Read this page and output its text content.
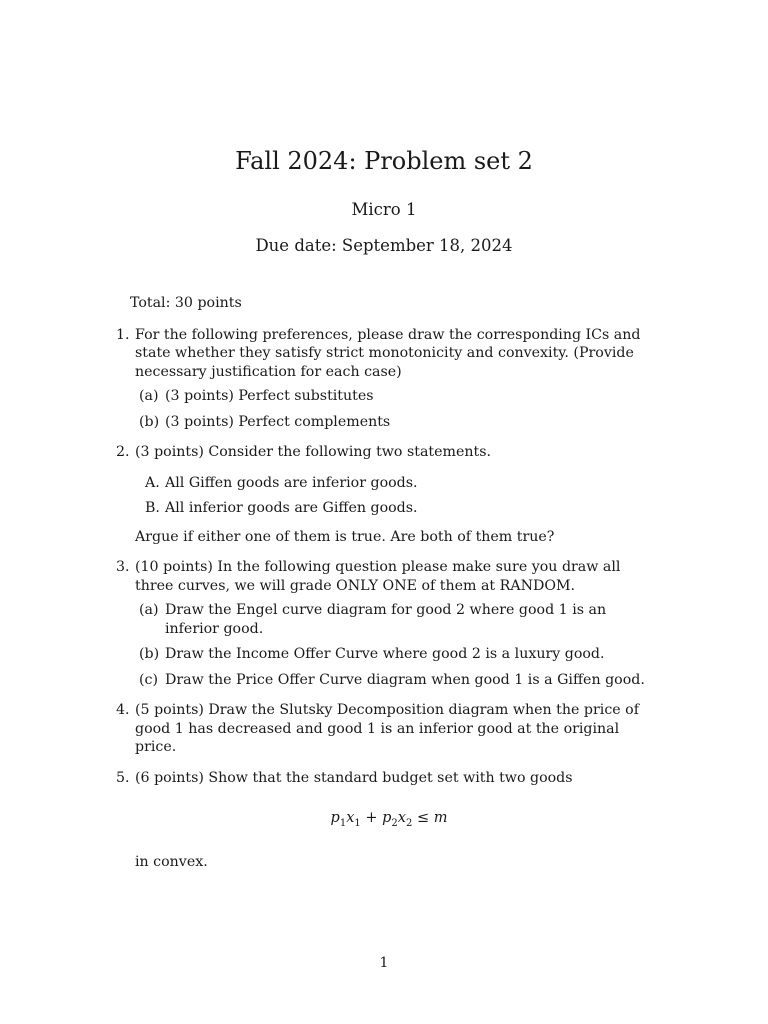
Fall 2024: Problem set 2
Micro 1
Due date: September 18, 2024
Total: 30 points
1. For the following preferences, please draw the corresponding ICs and state whether they satisfy strict monotonicity and convexity. (Provide necessary justification for each case)

(a) (3 points) Perfect substitutes
(b) (3 points) Perfect complements
2. (3 points) Consider the following two statements.

A. All Giffen goods are inferior goods.
B. All inferior goods are Giffen goods.

Argue if either one of them is true. Are both of them true?

3. (10 points) In the following question please make sure you draw all three curves, we will grade ONLY ONE of them at RANDOM.

(a) Draw the Engel curve diagram for good 2 where good 1 is an inferior good.
(b) Draw the Income Offer Curve where good 2 is a luxury good.
(c) Draw the Price Offer Curve diagram when good 1 is a Giffen good.
4. (5 points) Draw the Slutsky Decomposition diagram when the price of good 1 has decreased and good 1 is an inferior good at the original price.

5. (6 points) Show that the standard budget set with two goods

$p_1x_1 + p_2x_2 \le m$

in convex.

1
